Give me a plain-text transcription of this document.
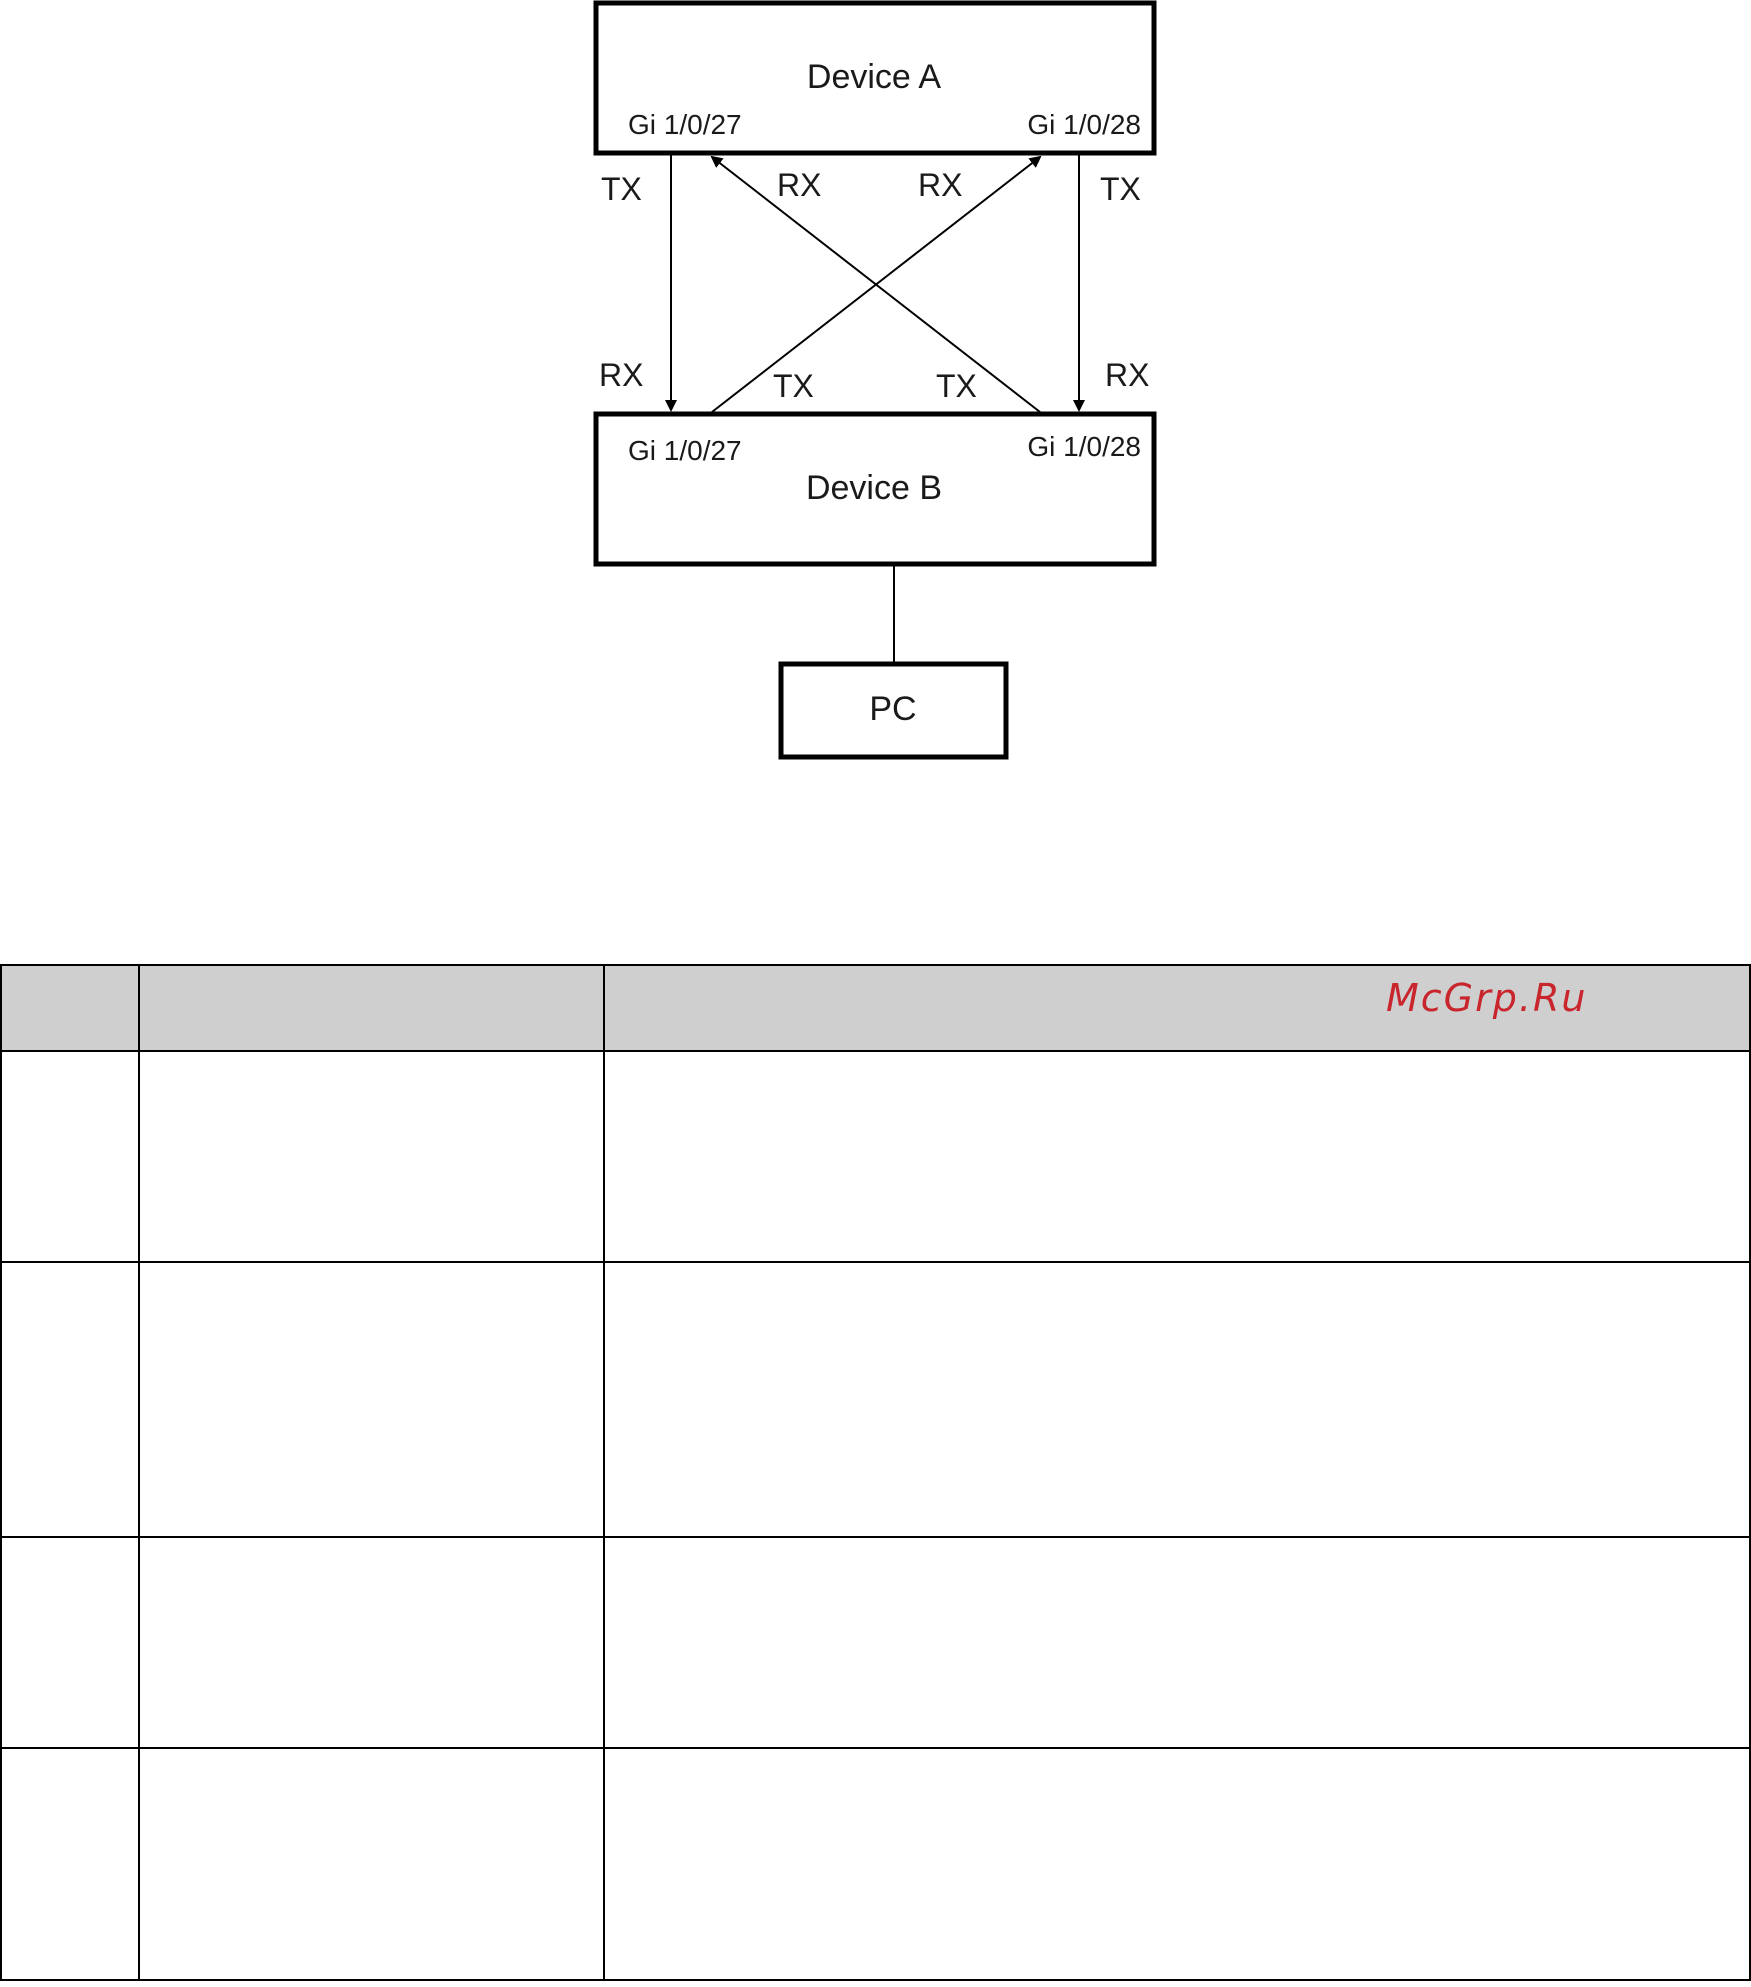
Device A
Gi 1/0/27	Gi 1/0/28
Gi 1/0/27	Gi 1/0/28
Device B
PC
TX	RX	RX	TX
RX	TX	TX	RX

		McGrp.Ru
